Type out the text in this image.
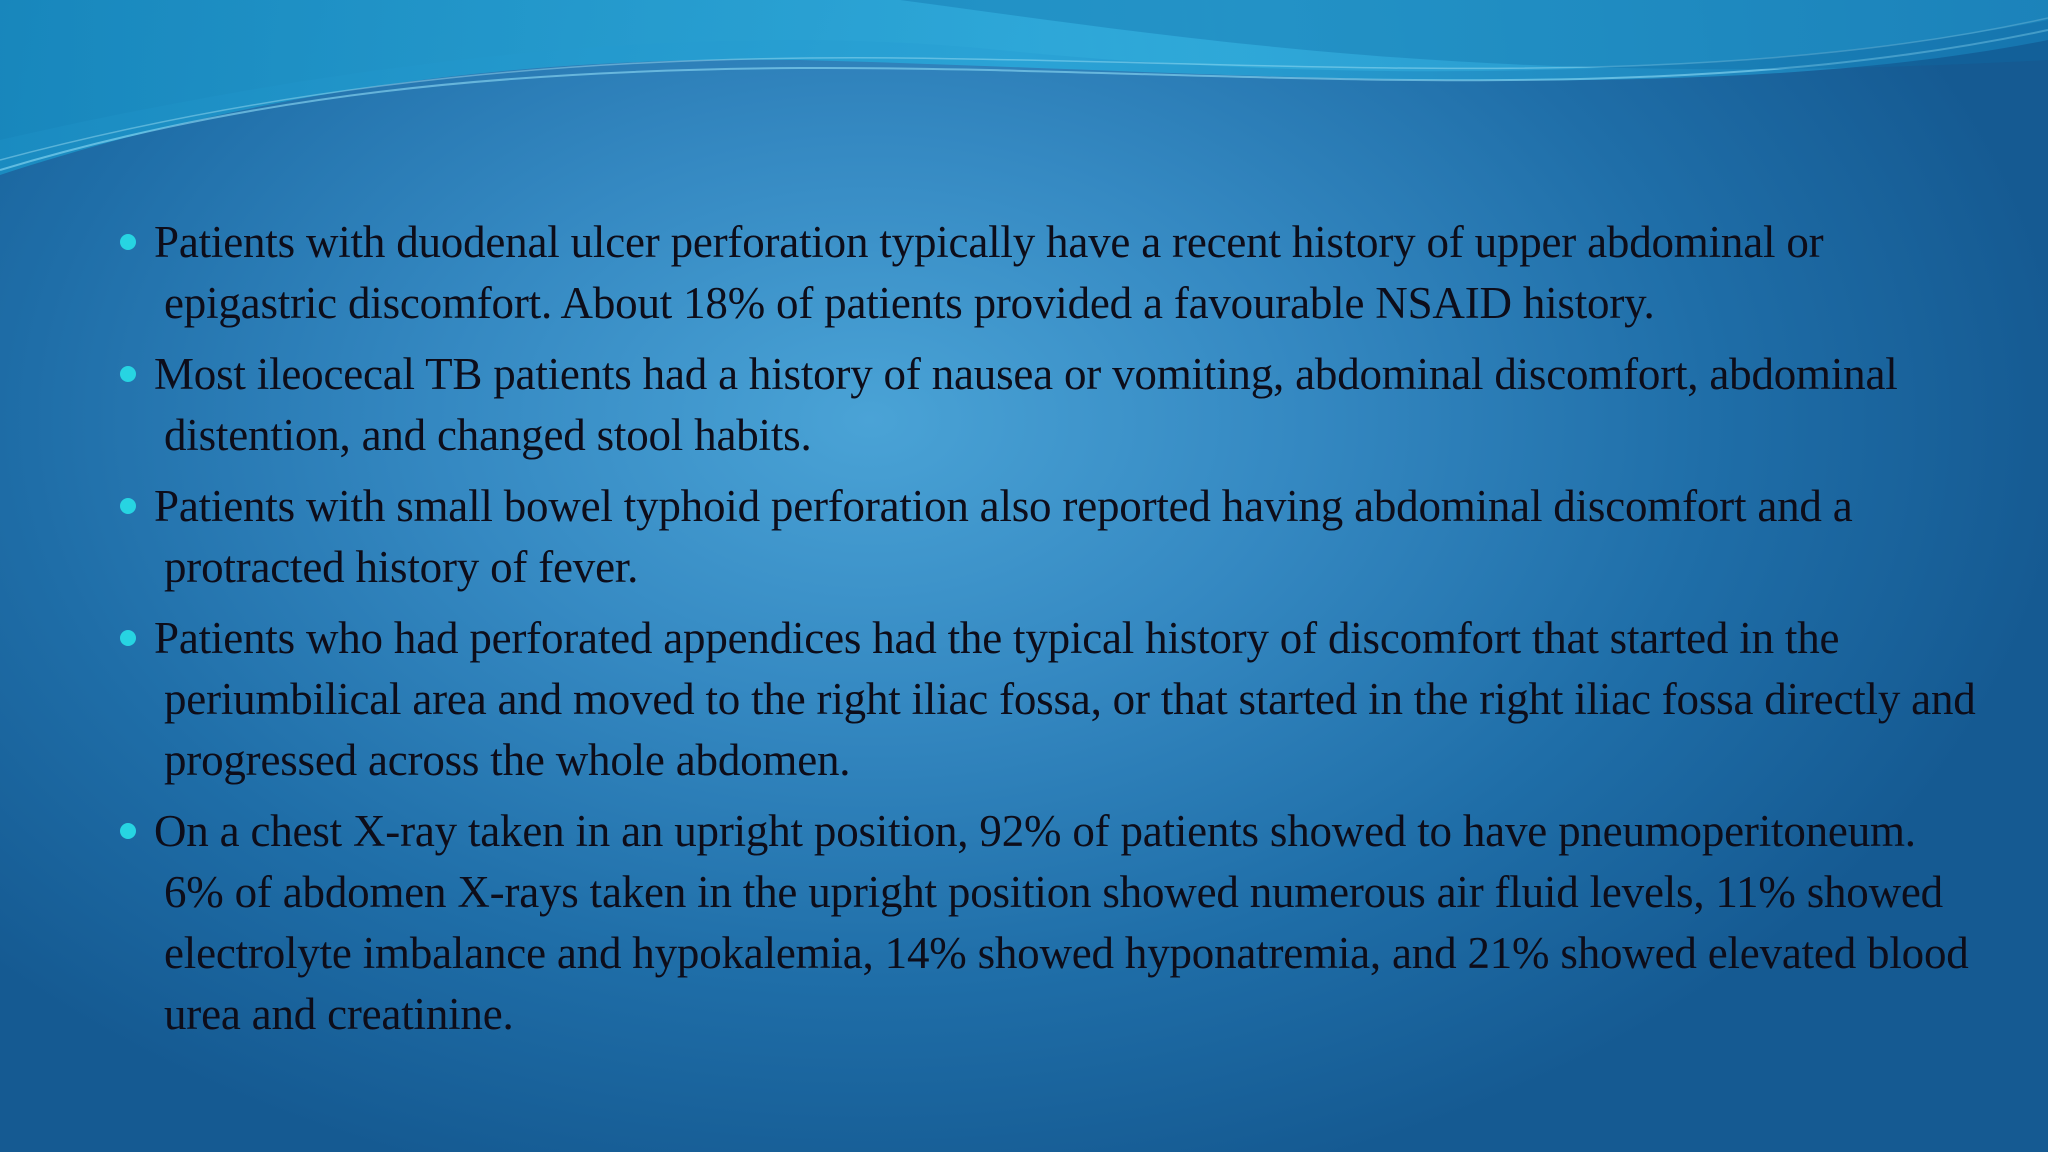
Patients with duodenal ulcer perforation typically have a recent history of upper abdominal or epigastric discomfort. About 18% of patients provided a favourable NSAID history.
Most ileocecal TB patients had a history of nausea or vomiting, abdominal discomfort, abdominal distention, and changed stool habits.
Patients with small bowel typhoid perforation also reported having abdominal discomfort and a protracted history of fever.
Patients who had perforated appendices had the typical history of discomfort that started in the periumbilical area and moved to the right iliac fossa, or that started in the right iliac fossa directly and progressed across the whole abdomen.
On a chest X-ray taken in an upright position, 92% of patients showed to have pneumoperitoneum. 6% of abdomen X-rays taken in the upright position showed numerous air fluid levels, 11% showed electrolyte imbalance and hypokalemia, 14% showed hyponatremia, and 21% showed elevated blood urea and creatinine.
